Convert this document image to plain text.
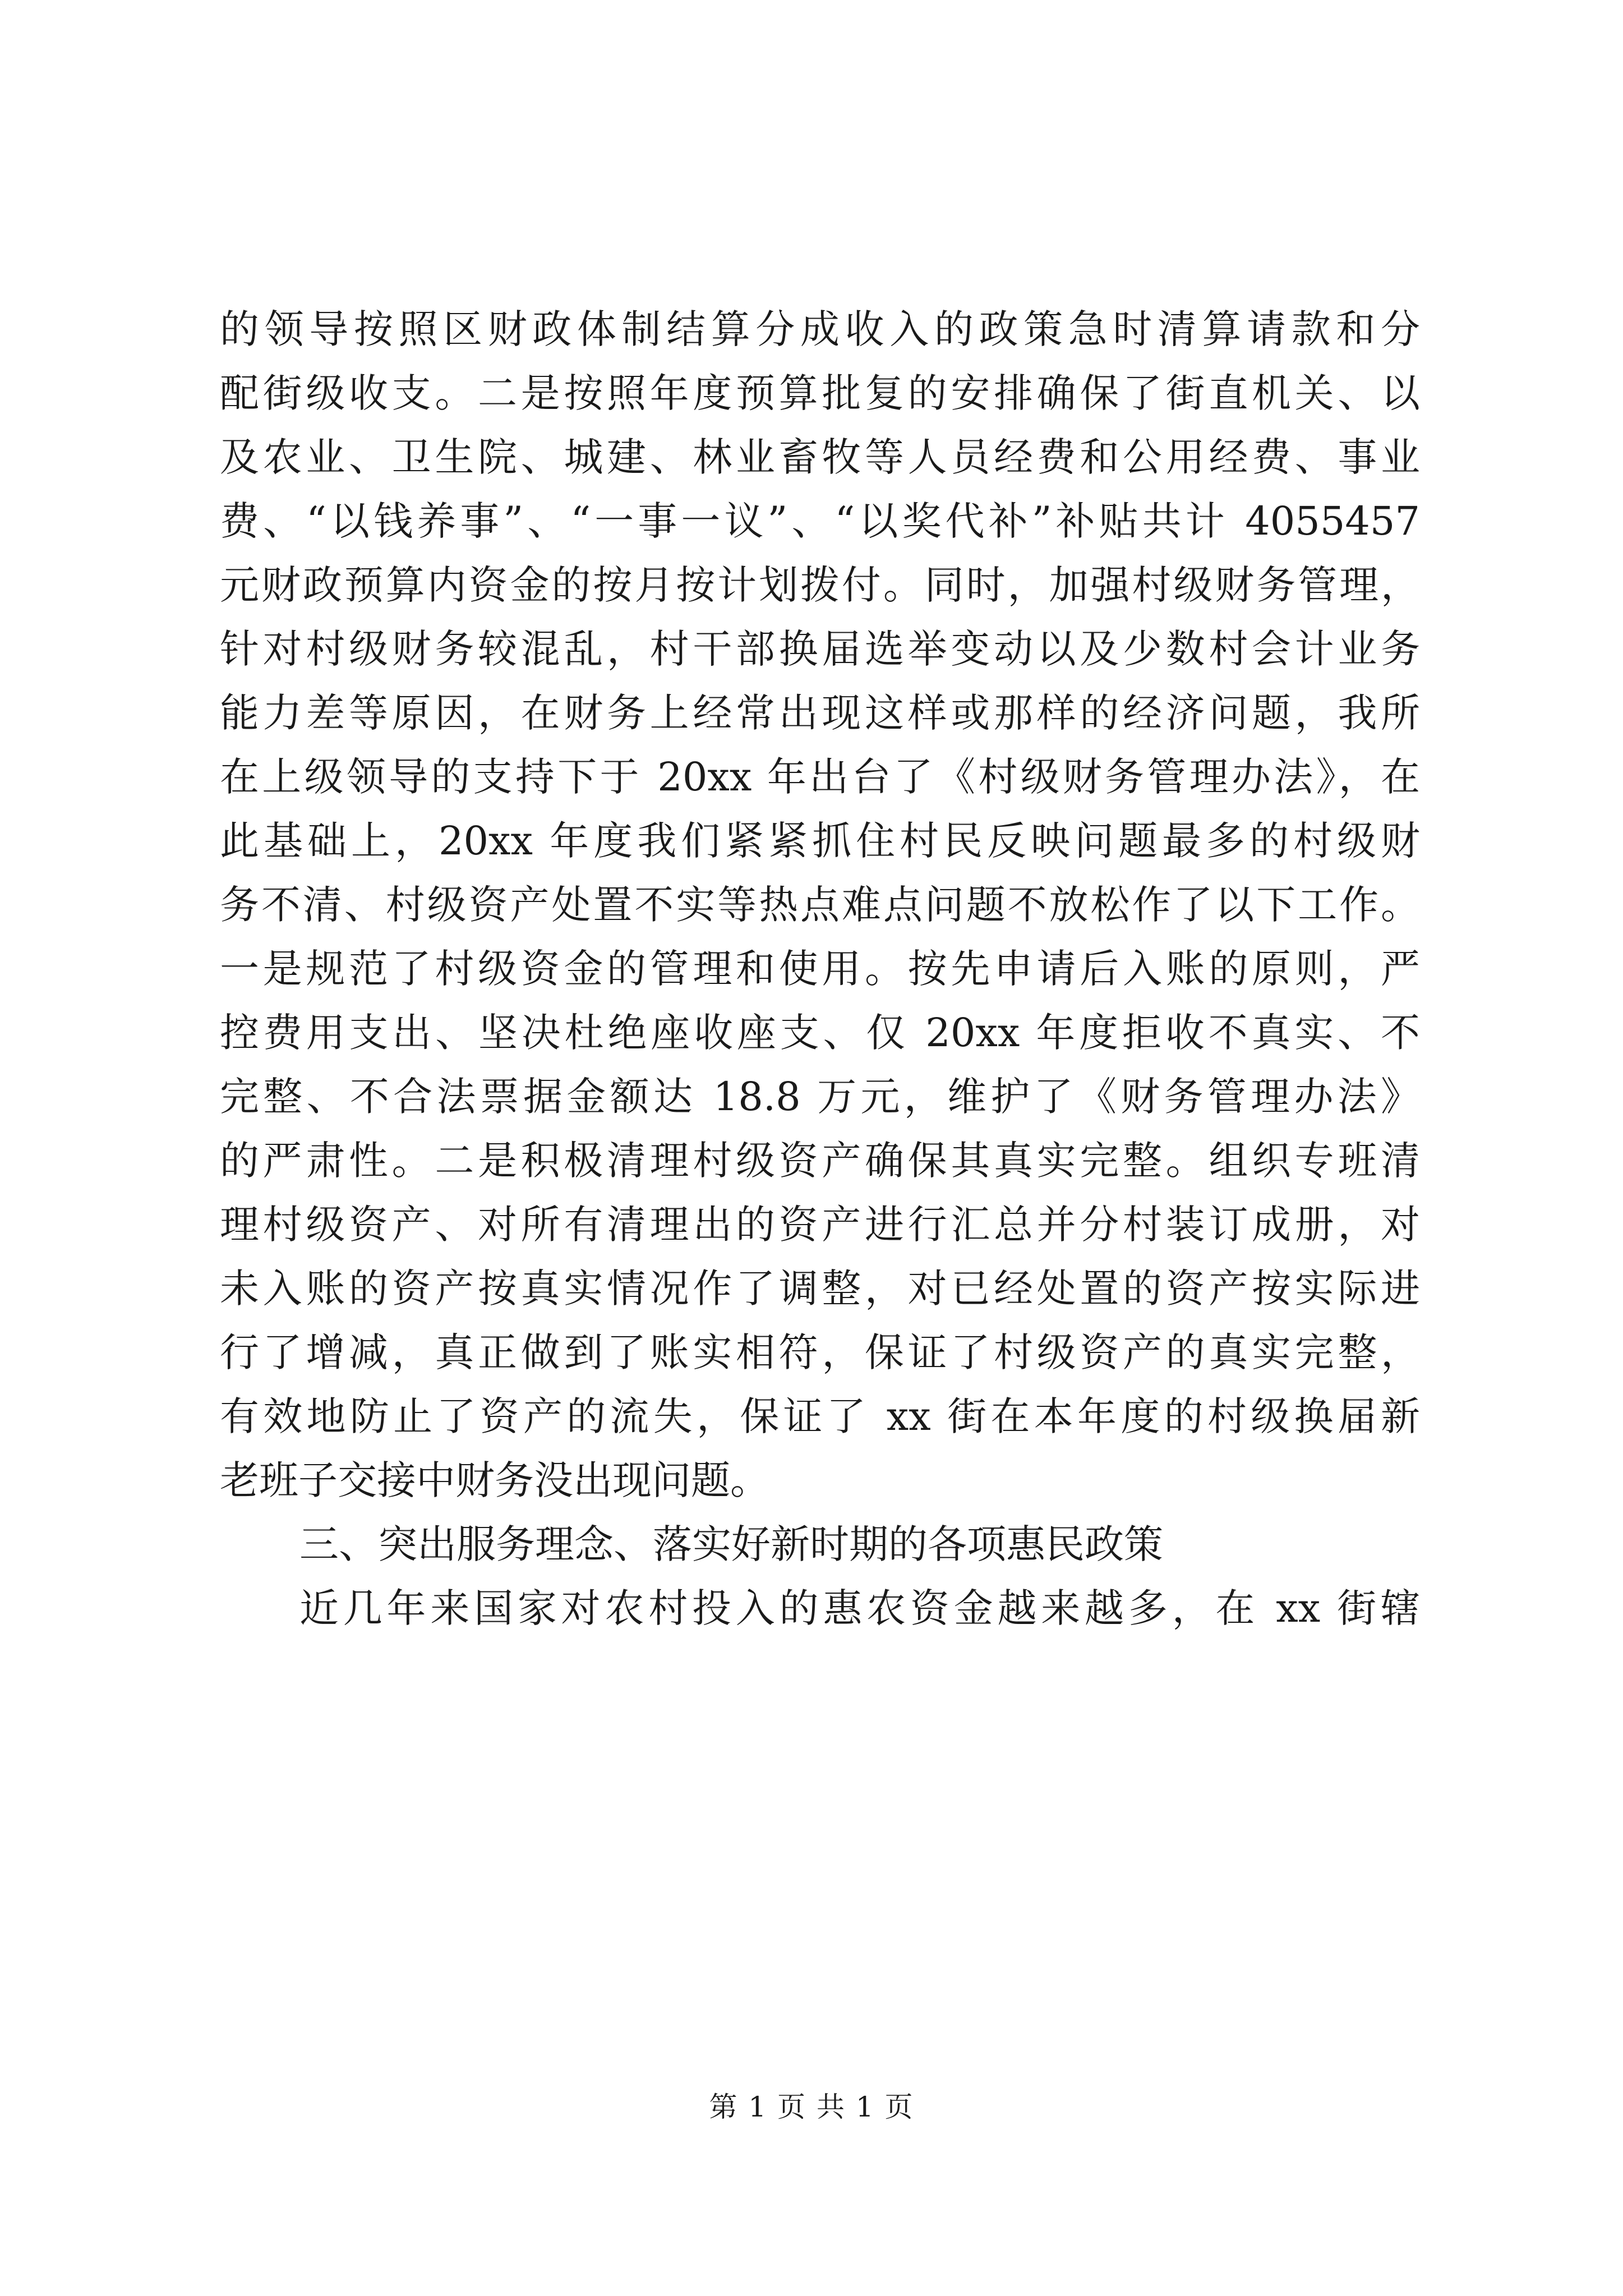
的领导按照区财政体制结算分成收入的政策急时清算请款和分
配街级收支。二是按照年度预算批复的安排确保了街直机关、以
及农业、卫生院、城建、林业畜牧等人员经费和公用经费、事业
费、“以钱养事”、“一事一议”、“以奖代补”补贴共计 4055457
元财政预算内资金的按月按计划拨付。同时，加强村级财务管理，
针对村级财务较混乱，村干部换届选举变动以及少数村会计业务
能力差等原因，在财务上经常出现这样或那样的经济问题，我所
在上级领导的支持下于 20xx 年出台了《村级财务管理办法》，在
此基础上，20xx 年度我们紧紧抓住村民反映问题最多的村级财
务不清、村级资产处置不实等热点难点问题不放松作了以下工作。
一是规范了村级资金的管理和使用。按先申请后入账的原则，严
控费用支出、坚决杜绝座收座支、仅 20xx 年度拒收不真实、不
完整、不合法票据金额达 18.8 万元，维护了《财务管理办法》
的严肃性。二是积极清理村级资产确保其真实完整。组织专班清
理村级资产、对所有清理出的资产进行汇总并分村装订成册，对
未入账的资产按真实情况作了调整，对已经处置的资产按实际进
行了增减，真正做到了账实相符，保证了村级资产的真实完整，
有效地防止了资产的流失，保证了 xx 街在本年度的村级换届新
老班子交接中财务没出现问题。
三、突出服务理念、落实好新时期的各项惠民政策
近几年来国家对农村投入的惠农资金越来越多，在 xx 街辖
第 1 页 共 1 页
